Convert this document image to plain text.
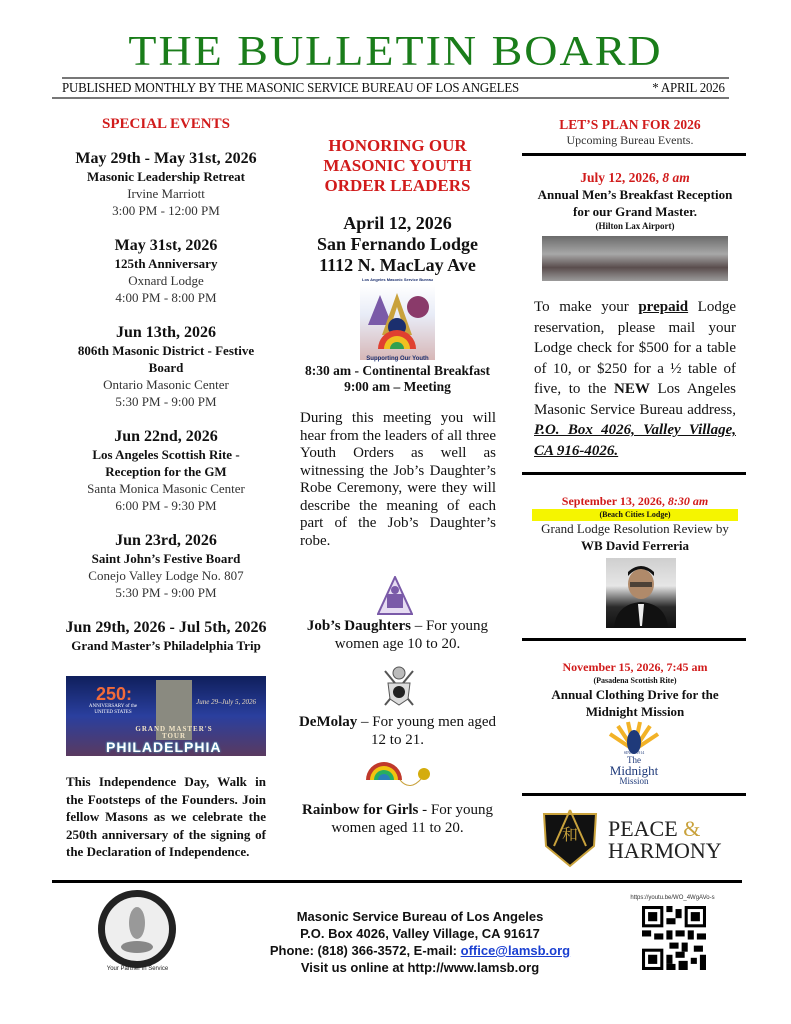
THE BULLETIN BOARD
PUBLISHED MONTHLY BY THE MASONIC SERVICE BUREAU OF LOS ANGELES	* APRIL 2026
SPECIAL EVENTS
May 29th - May 31st, 2026
Masonic Leadership Retreat
Irvine Marriott
3:00 PM - 12:00 PM
May 31st, 2026
125th Anniversary
Oxnard Lodge
4:00 PM - 8:00 PM
Jun 13th, 2026
806th Masonic District - Festive Board
Ontario Masonic Center
5:30 PM - 9:00 PM
Jun 22nd, 2026
Los Angeles Scottish Rite - Reception for the GM
Santa Monica Masonic Center
6:00 PM - 9:30 PM
Jun 23rd, 2026
Saint John’s Festive Board
Conejo Valley Lodge No. 807
5:30 PM - 9:00 PM
Jun 29th, 2026 - Jul 5th, 2026
Grand Master’s Philadelphia Trip
250:
ANNIVERSARY of the UNITED STATES
June 29–July 5, 2026
GRAND MASTER'S TOUR
PHILADELPHIA
This Independence Day, Walk in the Footsteps of the Founders. Join fellow Masons as we celebrate the 250th anniversary of the signing of the Declaration of Independence.
HONORING OUR MASONIC YOUTH ORDER LEADERS
April 12, 2026
San Fernando Lodge
1112 N. MacLay Ave
Los Angeles Masonic Service Bureau
Supporting Our Youth
8:30 am - Continental Breakfast
9:00 am – Meeting
During this meeting you will hear from the leaders of all three Youth Orders as well as witnessing the Job’s Daughter’s Robe Ceremony, were they will describe the meaning of each part of the Job’s Daughter’s robe.
Job’s Daughters – For young women age 10 to 20.
DeMolay – For young men aged 12 to 21.
Rainbow for Girls - For young women aged 11 to 20.
LET’S PLAN FOR 2026
Upcoming Bureau Events.
July 12, 2026, 8 am
Annual Men’s Breakfast Reception for our Grand Master.
(Hilton Lax Airport)
To make your prepaid Lodge reservation, please mail your Lodge check for $500 for a table of 10, or $250 for a ½ table of five, to the NEW Los Angeles Masonic Service Bureau address, P.O. Box 4026, Valley Village, CA 916-4026.
September 13, 2026, 8:30 am
(Beach Cities Lodge)
Grand Lodge Resolution Review by
WB David Ferreria
November 15, 2026, 7:45 am
(Pasadena Scottish Rite)
Annual Clothing Drive for the Midnight Mission
SINCE 1914
The
Midnight
Mission
和 PEACE &
HARMONY
Your Partner in Service
Masonic Service Bureau of Los Angeles
P.O. Box 4026, Valley Village, CA 91617
Phone: (818) 366-3572, E-mail: office@lamsb.org
Visit us online at http://www.lamsb.org
https://youtu.be/WO_4WgAVo-s
